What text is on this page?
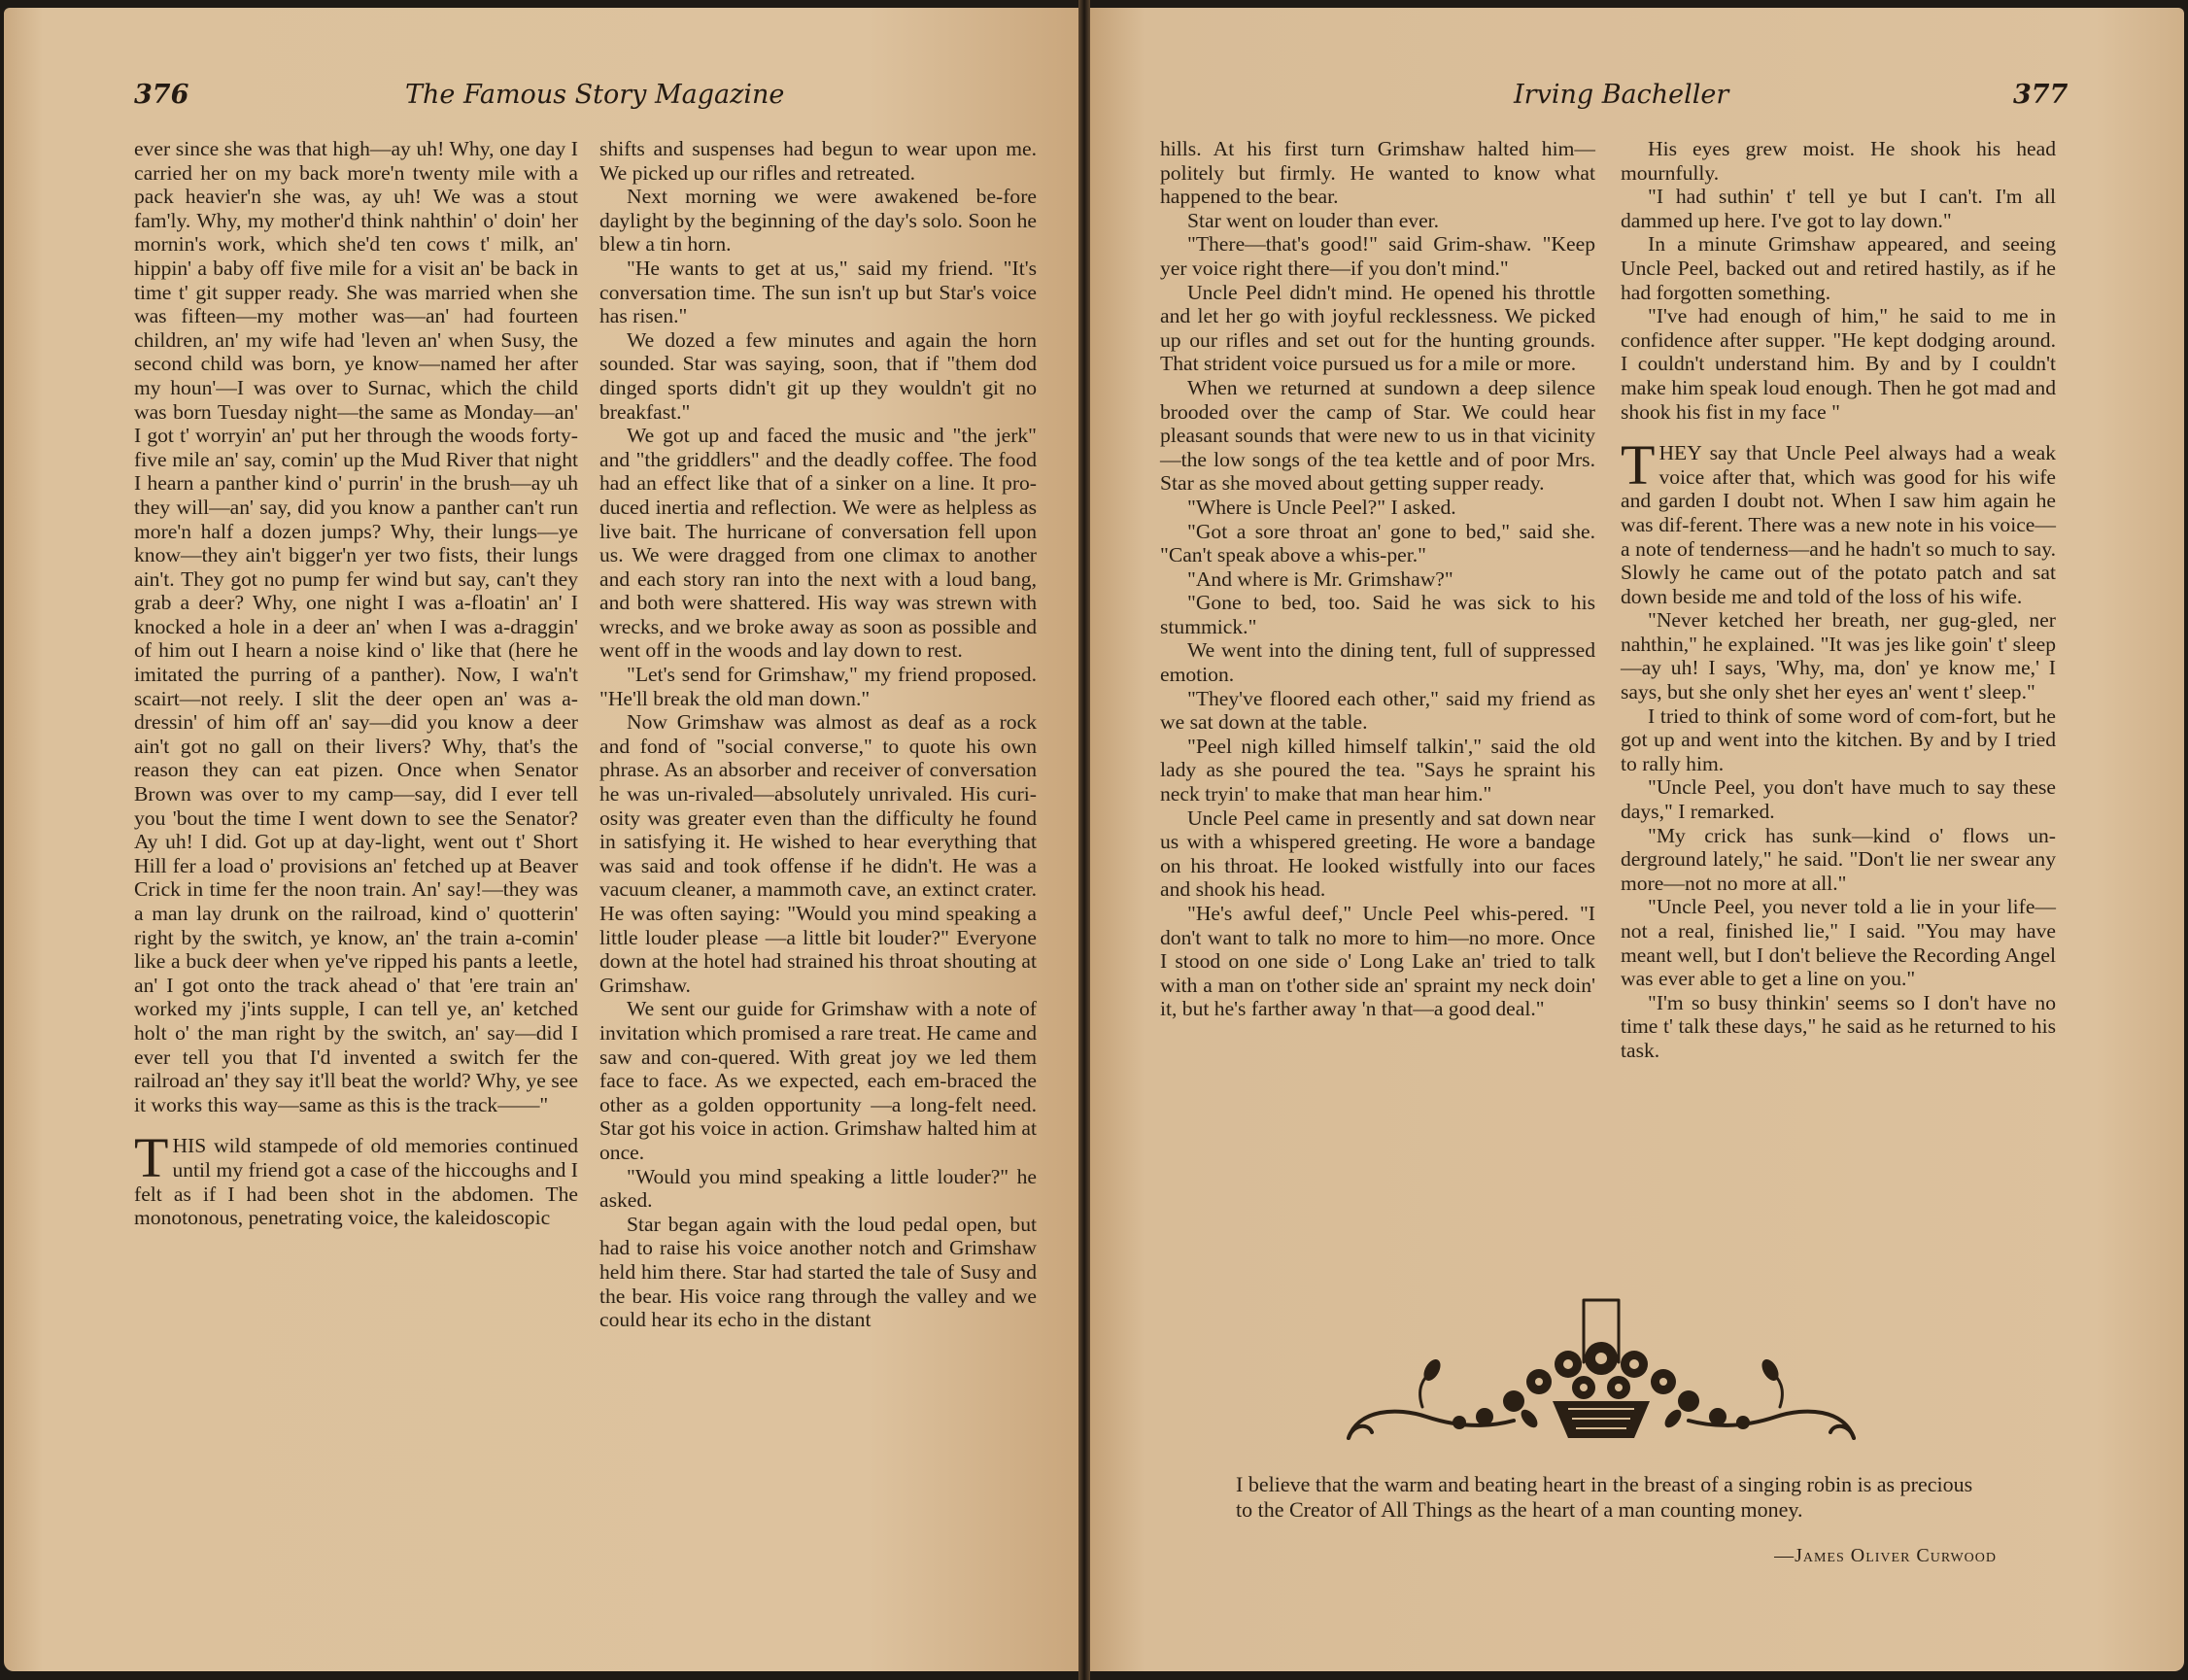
376	The Famous Story Magazine	Irving Bacheller	377

ever since she was that high—ay uh! Why, one day I carried her on my back more'n twenty mile with a pack heavier'n she was, ay uh! We was a stout fam'ly. Why, my mother'd think nahthin' o' doin' her mornin's work, which she'd ten cows t' milk, an' hippin' a baby off five mile for a visit an' be back in time t' git supper ready. She was married when she was fifteen—my mother was—an' had fourteen children, an' my wife had 'leven an' when Susy, the second child was born, ye know—named her after my houn'—I was over to Surnac, which the child was born Tuesday night—the same as Monday—an' I got t' worryin' an' put her through the woods forty-five mile an' say, comin' up the Mud River that night I hearn a panther kind o' purrin' in the brush—ay uh they will—an' say, did you know a panther can't run more'n half a dozen jumps? Why, their lungs—ye know—they ain't bigger'n yer two fists, their lungs ain't. They got no pump fer wind but say, can't they grab a deer? Why, one night I was a-floatin' an' I knocked a hole in a deer an' when I was a-draggin' of him out I hearn a noise kind o' like that (here he imitated the purring of a panther). Now, I wa'n't scairt—not reely. I slit the deer open an' was a-dressin' of him off an' say—did you know a deer ain't got no gall on their livers? Why, that's the reason they can eat pizen. Once when Senator Brown was over to my camp—say, did I ever tell you 'bout the time I went down to see the Senator? Ay uh! I did. Got up at day-light, went out t' Short Hill fer a load o' provisions an' fetched up at Beaver Crick in time fer the noon train. An' say!—they was a man lay drunk on the railroad, kind o' quotterin' right by the switch, ye know, an' the train a-comin' like a buck deer when ye've ripped his pants a leetle, an' I got onto the track ahead o' that 'ere train an' worked my j'ints supple, I can tell ye, an' ketched holt o' the man right by the switch, an' say—did I ever tell you that I'd invented a switch fer the railroad an' they say it'll beat the world? Why, ye see it works this way—same as this is the track——"

THIS wild stampede of old memories continued until my friend got a case of the hiccoughs and I felt as if I had been shot in the abdomen. The monotonous, penetrating voice, the kaleidoscopic

shifts and suspenses had begun to wear upon me. We picked up our rifles and retreated.

Next morning we were awakened be-fore daylight by the beginning of the day's solo. Soon he blew a tin horn.

"He wants to get at us," said my friend. "It's conversation time. The sun isn't up but Star's voice has risen."

We dozed a few minutes and again the horn sounded. Star was saying, soon, that if "them dod dinged sports didn't git up they wouldn't git no breakfast."

We got up and faced the music and "the jerk" and "the griddlers" and the deadly coffee. The food had an effect like that of a sinker on a line. It pro-duced inertia and reflection. We were as helpless as live bait. The hurricane of conversation fell upon us. We were dragged from one climax to another and each story ran into the next with a loud bang, and both were shattered. His way was strewn with wrecks, and we broke away as soon as possible and went off in the woods and lay down to rest.

"Let's send for Grimshaw," my friend proposed. "He'll break the old man down."

Now Grimshaw was almost as deaf as a rock and fond of "social converse," to quote his own phrase. As an absorber and receiver of conversation he was un-rivaled—absolutely unrivaled. His curi-osity was greater even than the difficulty he found in satisfying it. He wished to hear everything that was said and took offense if he didn't. He was a vacuum cleaner, a mammoth cave, an extinct crater. He was often saying: "Would you mind speaking a little louder please —a little bit louder?" Everyone down at the hotel had strained his throat shouting at Grimshaw.

We sent our guide for Grimshaw with a note of invitation which promised a rare treat. He came and saw and con-quered. With great joy we led them face to face. As we expected, each em-braced the other as a golden opportunity —a long-felt need. Star got his voice in action. Grimshaw halted him at once.

"Would you mind speaking a little louder?" he asked.

Star began again with the loud pedal open, but had to raise his voice another notch and Grimshaw held him there. Star had started the tale of Susy and the bear. His voice rang through the valley and we could hear its echo in the distant

hills. At his first turn Grimshaw halted him—politely but firmly. He wanted to know what happened to the bear.

Star went on louder than ever.

"There—that's good!" said Grim-shaw. "Keep yer voice right there—if you don't mind."

Uncle Peel didn't mind. He opened his throttle and let her go with joyful recklessness. We picked up our rifles and set out for the hunting grounds. That strident voice pursued us for a mile or more.

When we returned at sundown a deep silence brooded over the camp of Star. We could hear pleasant sounds that were new to us in that vicinity—the low songs of the tea kettle and of poor Mrs. Star as she moved about getting supper ready.

"Where is Uncle Peel?" I asked.

"Got a sore throat an' gone to bed," said she. "Can't speak above a whis-per."

"And where is Mr. Grimshaw?"

"Gone to bed, too. Said he was sick to his stummick."

We went into the dining tent, full of suppressed emotion.

"They've floored each other," said my friend as we sat down at the table.

"Peel nigh killed himself talkin'," said the old lady as she poured the tea. "Says he spraint his neck tryin' to make that man hear him."

Uncle Peel came in presently and sat down near us with a whispered greeting. He wore a bandage on his throat. He looked wistfully into our faces and shook his head.

"He's awful deef," Uncle Peel whis-pered. "I don't want to talk no more to him—no more. Once I stood on one side o' Long Lake an' tried to talk with a man on t'other side an' spraint my neck doin' it, but he's farther away 'n that—a good deal."

His eyes grew moist. He shook his head mournfully.

"I had suthin' t' tell ye but I can't. I'm all dammed up here. I've got to lay down."

In a minute Grimshaw appeared, and seeing Uncle Peel, backed out and retired hastily, as if he had forgotten something.

"I've had enough of him," he said to me in confidence after supper. "He kept dodging around. I couldn't understand him. By and by I couldn't make him speak loud enough. Then he got mad and shook his fist in my face "

THEY say that Uncle Peel always had a weak voice after that, which was good for his wife and garden I doubt not. When I saw him again he was dif-ferent. There was a new note in his voice—a note of tenderness—and he hadn't so much to say. Slowly he came out of the potato patch and sat down beside me and told of the loss of his wife.

"Never ketched her breath, ner gug-gled, ner nahthin," he explained. "It was jes like goin' t' sleep—ay uh! I says, 'Why, ma, don' ye know me,' I says, but she only shet her eyes an' went t' sleep."

I tried to think of some word of com-fort, but he got up and went into the kitchen. By and by I tried to rally him.

"Uncle Peel, you don't have much to say these days," I remarked.

"My crick has sunk—kind o' flows un-derground lately," he said. "Don't lie ner swear any more—not no more at all."

"Uncle Peel, you never told a lie in your life—not a real, finished lie," I said. "You may have meant well, but I don't believe the Recording Angel was ever able to get a line on you."

"I'm so busy thinkin' seems so I don't have no time t' talk these days," he said as he returned to his task.

I believe that the warm and beating heart in the breast of a singing robin is as precious to the Creator of All Things as the heart of a man counting money.
—James Oliver Curwood
